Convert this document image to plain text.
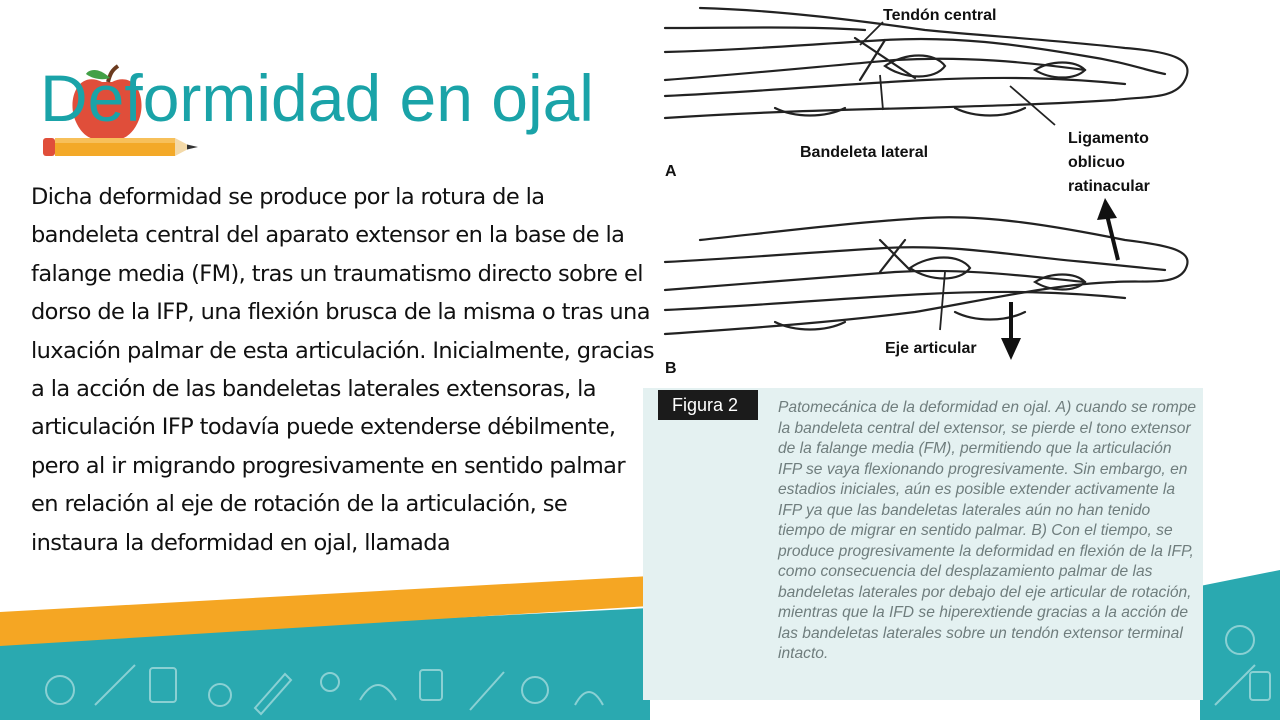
Deformidad en ojal

Dicha deformidad se produce por la rotura de la bandeleta central del aparato extensor en la base de la falange media (FM), tras un traumatismo directo sobre el dorso de la IFP, una flexión brusca de la misma o tras una luxación palmar de esta articulación. Inicialmente, gracias a la acción de las bandeletas laterales extensoras, la articulación IFP todavía puede extenderse débilmente, pero al ir migrando progresivamente en sentido palmar en relación al eje de rotación de la articulación, se instaura la deformidad en ojal, llamada

Tendón central
Bandeleta lateral
Ligamento
oblicuo
ratinacular
A
Eje articular
B
Figura 2	Patomecánica de la deformidad en ojal. A) cuando se rompe la bandeleta central del extensor, se pierde el tono extensor de la falange media (FM), permitiendo que la articulación IFP se vaya flexionando progresivamente. Sin embargo, en estadios iniciales, aún es posible extender activamente la IFP ya que las bandeletas laterales aún no han tenido tiempo de migrar en sentido palmar. B) Con el tiempo, se produce progresivamente la deformidad en flexión de la IFP, como consecuencia del desplazamiento palmar de las bandeletas laterales por debajo del eje articular de rotación, mientras que la IFD se hiperextiende gracias a la acción de las bandeletas laterales sobre un tendón extensor terminal intacto.
